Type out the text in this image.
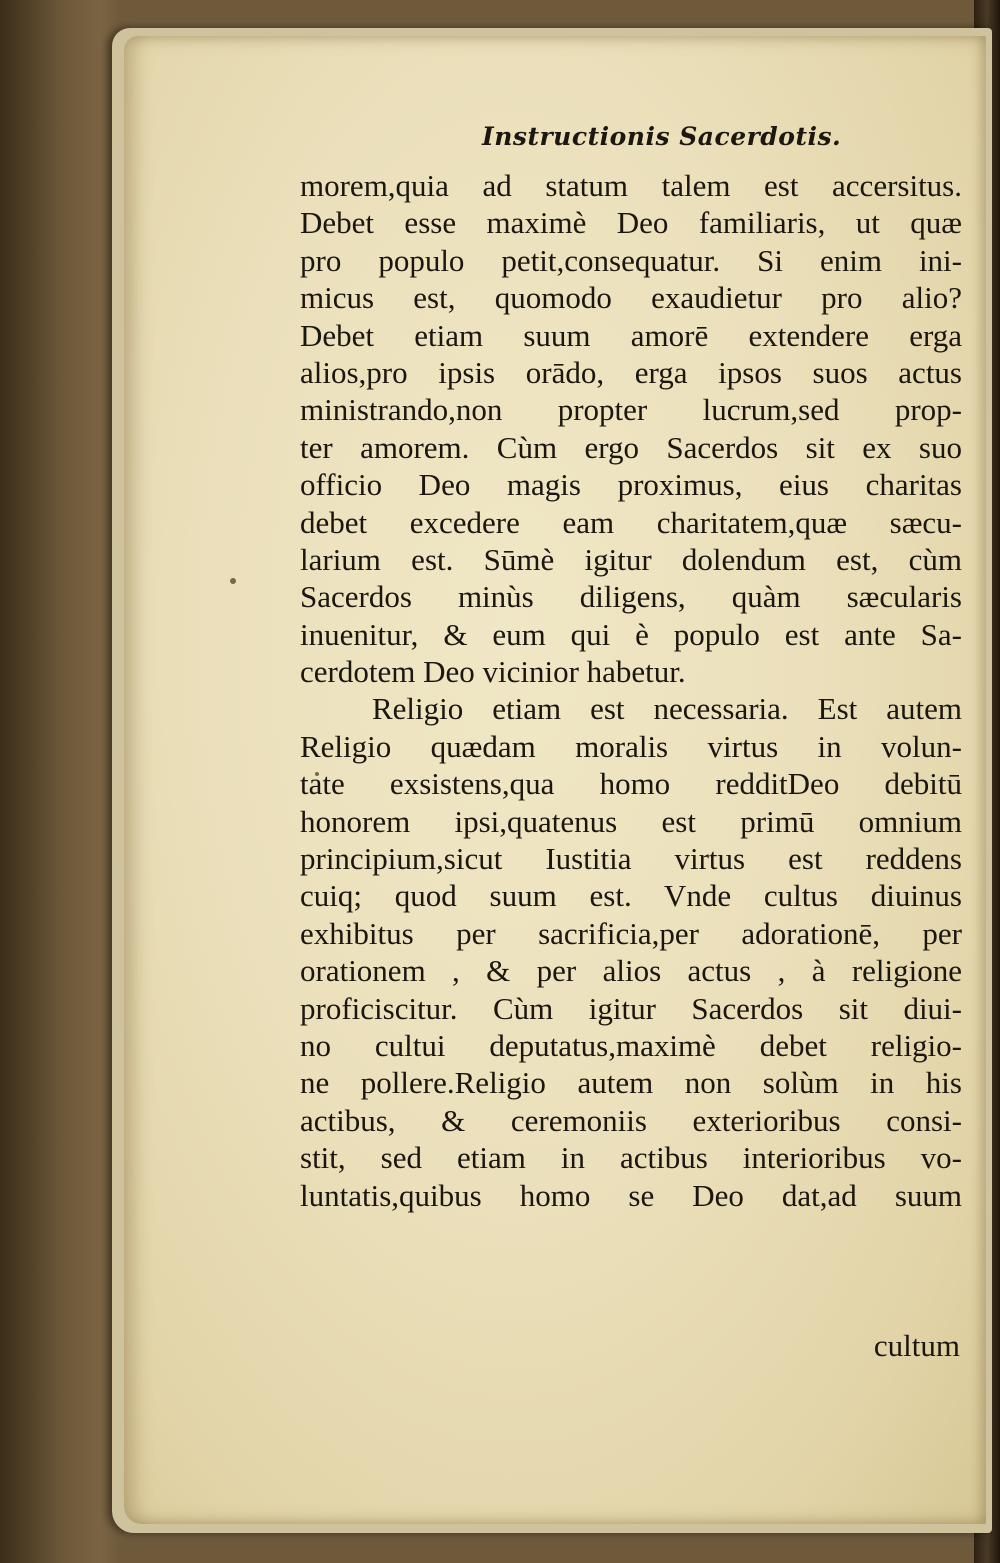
Instructionis Sacerdotis.
morem,quia ad statum talem est accersitus.
Debet esse maximè Deo familiaris, ut quæ
pro populo petit,consequatur. Si enim ini-
micus est, quomodo exaudietur pro alio?
Debet etiam suum amorē extendere erga
alios,pro ipsis orādo, erga ipsos suos actus
ministrando,non propter lucrum,sed prop-
ter amorem. Cùm ergo Sacerdos sit ex suo
officio Deo magis proximus, eius charitas
debet excedere eam charitatem,quæ sæcu-
larium est. Sūmè igitur dolendum est, cùm
Sacerdos minùs diligens, quàm sæcularis
inuenitur, & eum qui è populo est ante Sa-
cerdotem Deo vicinior habetur.
Religio etiam est necessaria. Est autem
Religio quædam moralis virtus in volun-
tate exsistens,qua homo redditDeo debitū
honorem ipsi,quatenus est primū omnium
principium,sicut Iustitia virtus est reddens
cuiq; quod suum est. Vnde cultus diuinus
exhibitus per sacrificia,per adorationē, per
orationem , & per alios actus , à religione
proficiscitur. Cùm igitur Sacerdos sit diui-
no cultui deputatus,maximè debet religio-
ne pollere.Religio autem non solùm in his
actibus, & ceremoniis exterioribus consi-
stit, sed etiam in actibus interioribus vo-
luntatis,quibus homo se Deo dat,ad suum
cultum
